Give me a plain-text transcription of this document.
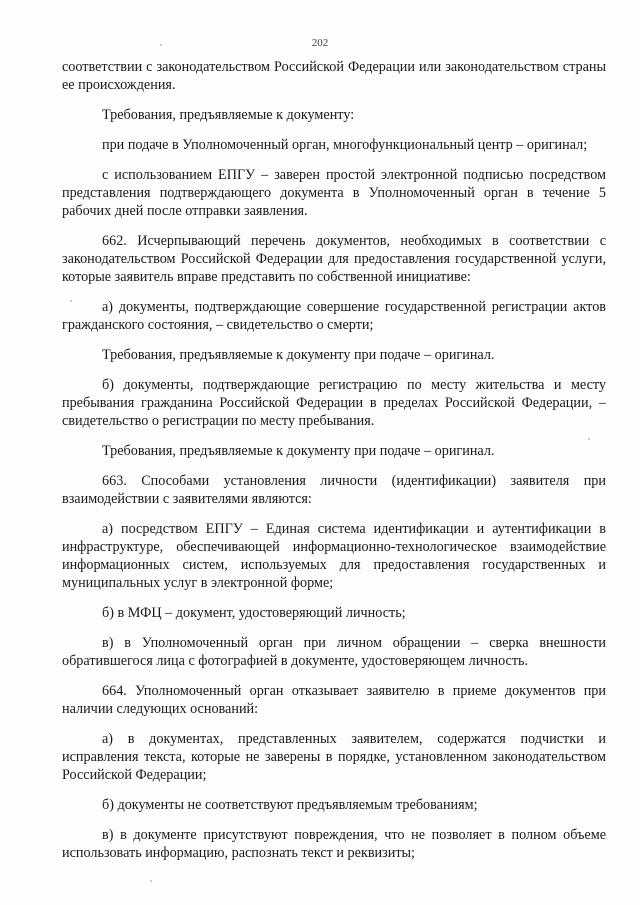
202

соответствии с законодательством Российской Федерации или законодательством страны ее происхождения.

Требования, предъявляемые к документу:

при подаче в Уполномоченный орган, многофункциональный центр – оригинал;

с использованием ЕПГУ – заверен простой электронной подписью посредством представления подтверждающего документа в Уполномоченный орган в течение 5 рабочих дней после отправки заявления.

662. Исчерпывающий перечень документов, необходимых в соответствии с законодательством Российской Федерации для предоставления государственной услуги, которые заявитель вправе представить по собственной инициативе:

а) документы, подтверждающие совершение государственной регистрации актов гражданского состояния, – свидетельство о смерти;

Требования, предъявляемые к документу при подаче – оригинал.

б) документы, подтверждающие регистрацию по месту жительства и месту пребывания гражданина Российской Федерации в пределах Российской Федерации, – свидетельство о регистрации по месту пребывания.

Требования, предъявляемые к документу при подаче – оригинал.

663. Способами установления личности (идентификации) заявителя при взаимодействии с заявителями являются:

а) посредством ЕПГУ – Единая система идентификации и аутентификации в инфраструктуре, обеспечивающей информационно-технологическое взаимодействие информационных систем, используемых для предоставления государственных и муниципальных услуг в электронной форме;

б) в МФЦ – документ, удостоверяющий личность;

в) в Уполномоченный орган при личном обращении – сверка внешности обратившегося лица с фотографией в документе, удостоверяющем личность.

664. Уполномоченный орган отказывает заявителю в приеме документов при наличии следующих оснований:

а) в документах, представленных заявителем, содержатся подчистки и исправления текста, которые не заверены в порядке, установленном законодательством Российской Федерации;

б) документы не соответствуют предъявляемым требованиям;

в) в документе присутствуют повреждения, что не позволяет в полном объеме использовать информацию, распознать текст и реквизиты;
